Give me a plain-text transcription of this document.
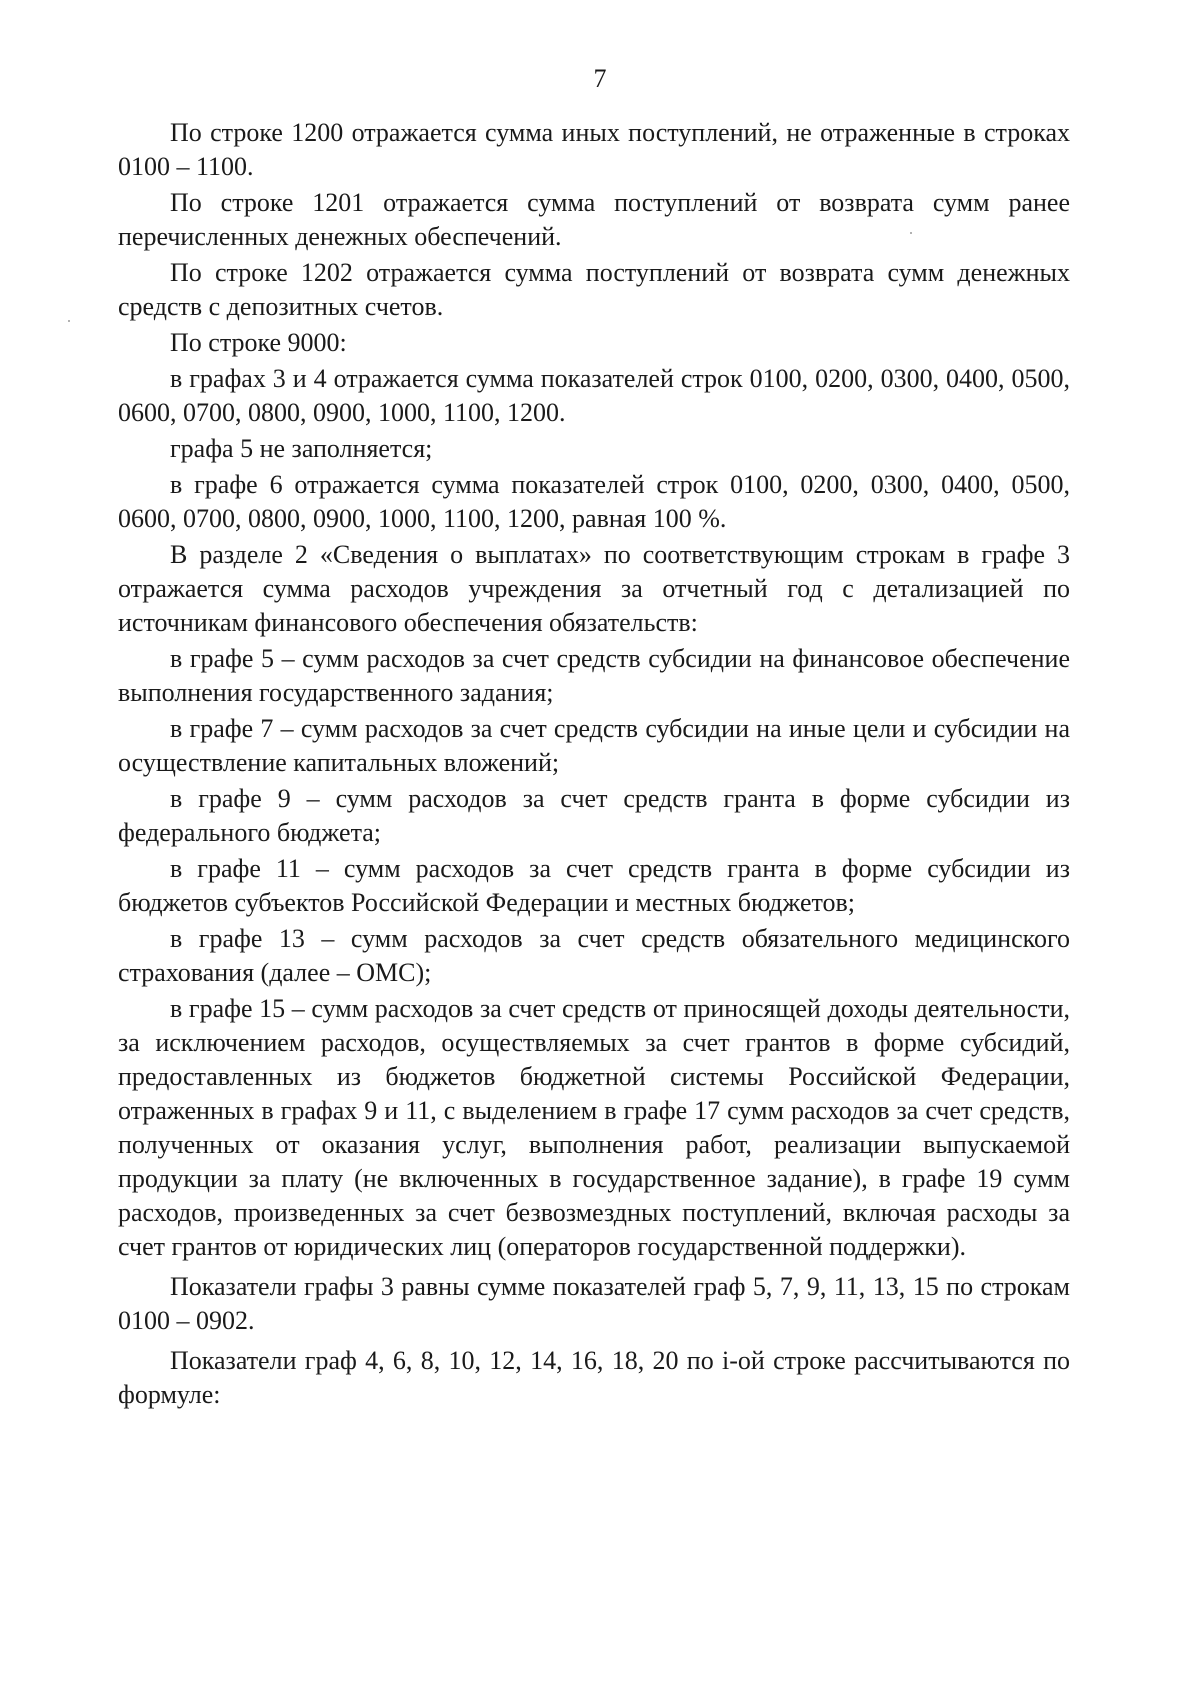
7

По строке 1200 отражается сумма иных поступлений, не отраженные в строках 0100 – 1100.

По строке 1201 отражается сумма поступлений от возврата сумм ранее перечисленных денежных обеспечений.

По строке 1202 отражается сумма поступлений от возврата сумм денежных средств с депозитных счетов.

По строке 9000:

в графах 3 и 4 отражается сумма показателей строк 0100, 0200, 0300, 0400, 0500, 0600, 0700, 0800, 0900, 1000, 1100, 1200.

графа 5 не заполняется;

в графе 6 отражается сумма показателей строк 0100, 0200, 0300, 0400, 0500, 0600, 0700, 0800, 0900, 1000, 1100, 1200, равная 100 %.

В разделе 2 «Сведения о выплатах» по соответствующим строкам в графе 3 отражается сумма расходов учреждения за отчетный год с детализацией по источникам финансового обеспечения обязательств:

в графе 5 – сумм расходов за счет средств субсидии на финансовое обеспечение выполнения государственного задания;

в графе 7 – сумм расходов за счет средств субсидии на иные цели и субсидии на осуществление капитальных вложений;

в графе 9 – сумм расходов за счет средств гранта в форме субсидии из федерального бюджета;

в графе 11 – сумм расходов за счет средств гранта в форме субсидии из бюджетов субъектов Российской Федерации и местных бюджетов;

в графе 13 – сумм расходов за счет средств обязательного медицинского страхования (далее – ОМС);

в графе 15 – сумм расходов за счет средств от приносящей доходы деятельности, за исключением расходов, осуществляемых за счет грантов в форме субсидий, предоставленных из бюджетов бюджетной системы Российской Федерации, отраженных в графах 9 и 11, с выделением в графе 17 сумм расходов за счет средств, полученных от оказания услуг, выполнения работ, реализации выпускаемой продукции за плату (не включенных в государственное задание), в графе 19 сумм расходов, произведенных за счет безвозмездных поступлений, включая расходы за счет грантов от юридических лиц (операторов государственной поддержки).

Показатели графы 3 равны сумме показателей граф 5, 7, 9, 11, 13, 15 по строкам 0100 – 0902.

Показатели граф 4, 6, 8, 10, 12, 14, 16, 18, 20 по i-ой строке рассчитываются по формуле:
